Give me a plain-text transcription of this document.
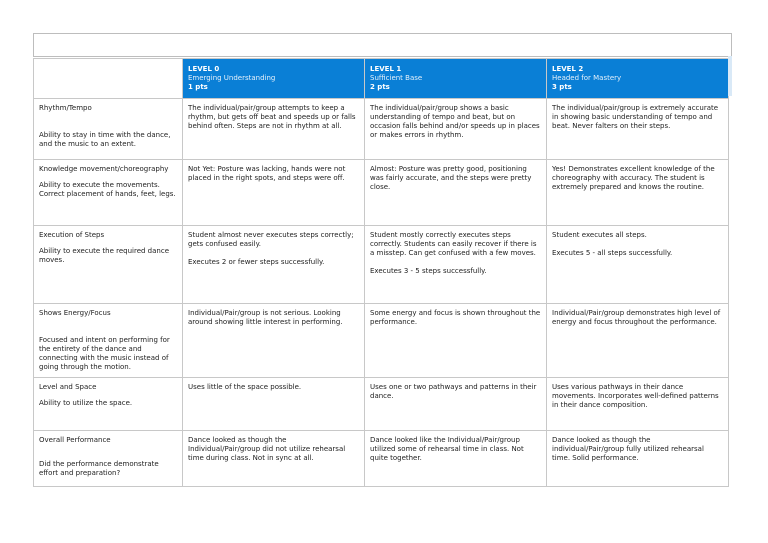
	LEVEL 0
Emerging Understanding
1 pts	LEVEL 1
Sufficient Base
2 pts	LEVEL 2
Headed for Mastery
3 pts

Rhythm/Tempo
Ability to stay in time with the dance, and the music to an extent.	The individual/pair/group attempts to keep a rhythm, but gets off beat and speeds up or falls behind often. Steps are not in rhythm at all.	The individual/pair/group shows a basic understanding of tempo and beat, but on occasion falls behind and/or speeds up in places or makes errors in rhythm.	The individual/pair/group is extremely accurate in showing basic understanding of tempo and beat. Never falters on their steps.

Knowledge movement/choreography
Ability to execute the movements. Correct placement of hands, feet, legs.	Not Yet: Posture was lacking, hands were not placed in the right spots, and steps were off.	Almost: Posture was pretty good, positioning was fairly accurate, and the steps were pretty close.	Yes! Demonstrates excellent knowledge of the choreography with accuracy. The student is extremely prepared and knows the routine.

Execution of Steps
Ability to execute the required dance moves.	Student almost never executes steps correctly; gets confused easily.
Executes 2 or fewer steps successfully.	Student mostly correctly executes steps correctly. Students can easily recover if there is a misstep. Can get confused with a few moves.
Executes 3 - 5 steps successfully.	Student executes all steps.
Executes 5 - all steps successfully.

Shows Energy/Focus
Focused and intent on performing for the entirety of the dance and connecting with the music instead of going through the motion.	Individual/Pair/group is not serious. Looking around showing little interest in performing.	Some energy and focus is shown throughout the performance.	Individual/Pair/group demonstrates high level of energy and focus throughout the performance.

Level and Space
Ability to utilize the space.	Uses little of the space possible.	Uses one or two pathways and patterns in their dance.	Uses various pathways in their dance movements. Incorporates well-defined patterns in their dance composition.

Overall Performance
Did the performance demonstrate effort and preparation?	Dance looked as though the Individual/Pair/group did not utilize rehearsal time during class. Not in sync at all.	Dance looked like the Individual/Pair/group utilized some of rehearsal time in class. Not quite together.	Dance looked as though the individual/Pair/group fully utilized rehearsal time. Solid performance.
